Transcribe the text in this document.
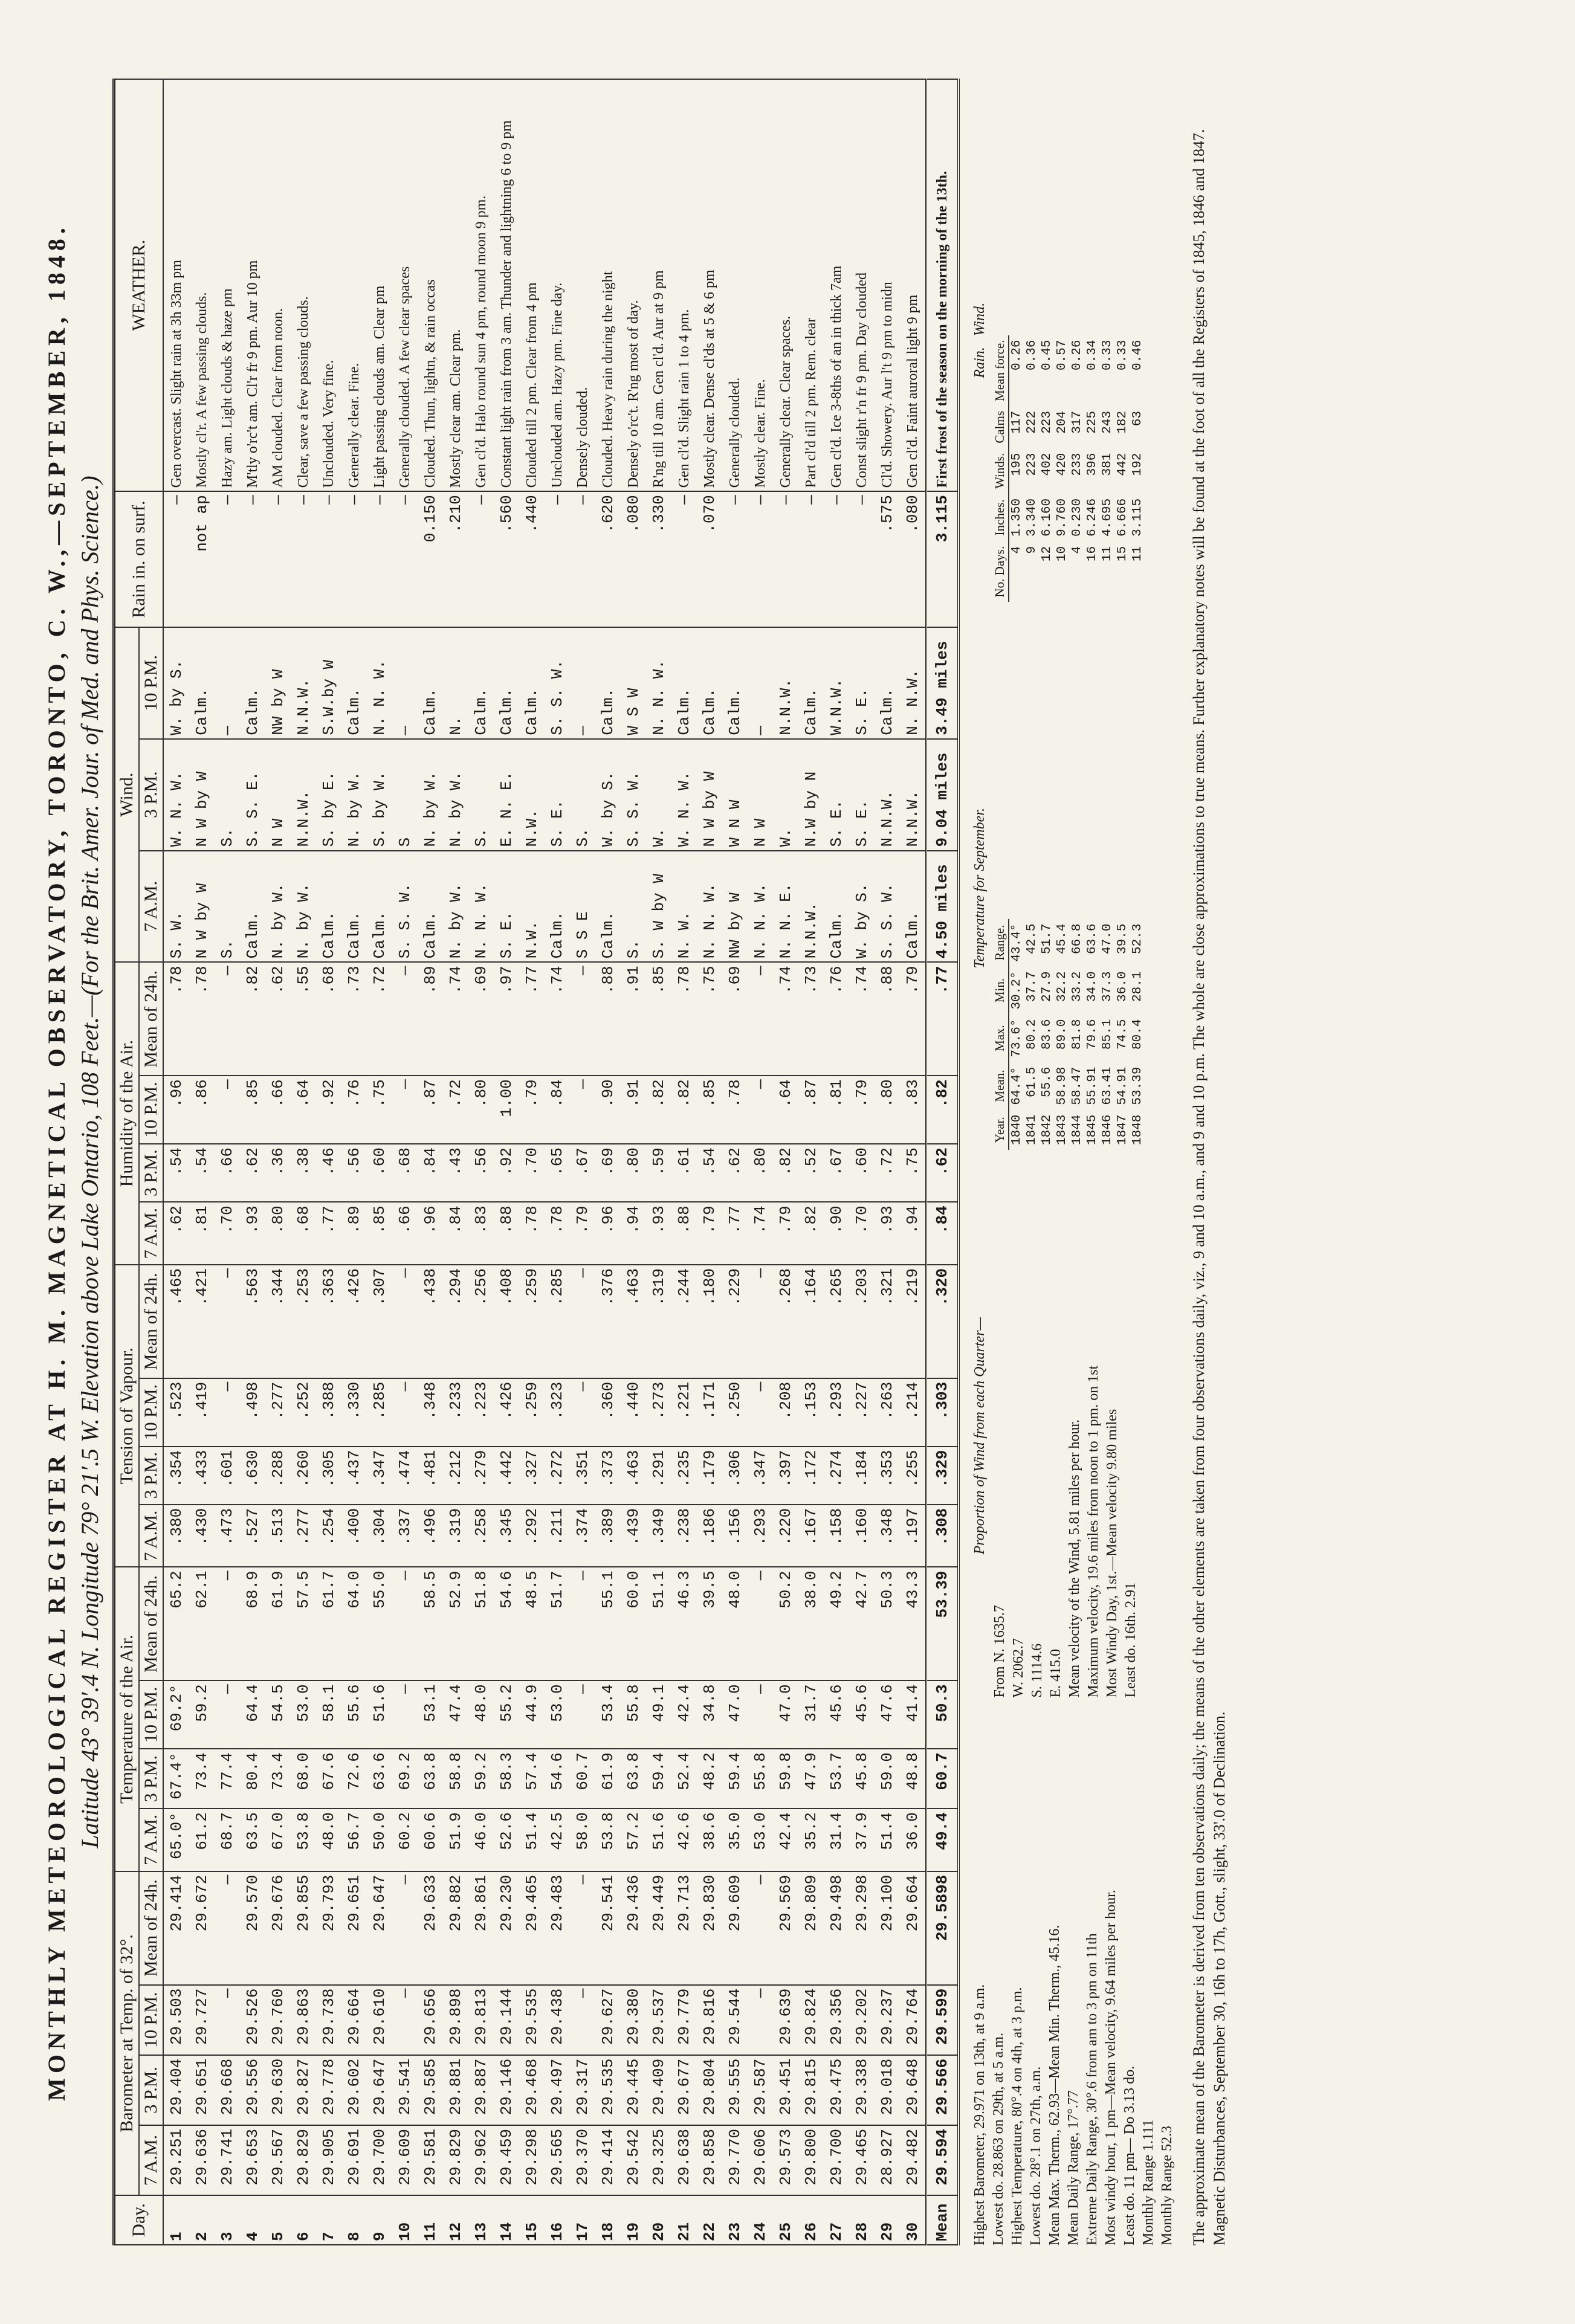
MONTHLY METEOROLOGICAL REGISTER AT H. M. MAGNETICAL OBSERVATORY, TORONTO, C. W.,—SEPTEMBER, 1848. Latitude 43° 39′.4 N. Longitude 79° 21′.5 W. Elevation above Lake Ontario, 108 Feet.—(For the Brit. Amer. Jour. of Med. and Phys. Science.)
Day.	Barometer at Temp. of 32°.				Temperature of the Air.				Tension of Vapour.				Humidity of the Air.				Wind.			Rain in. on surf.	WEATHER.
	7 A.M.	3 P.M.	10 P.M.	Mean of 24h.	7 A.M.	3 P.M.	10 P.M.	Mean of 24h.	7 A.M.	3 P.M.	10 P.M.	Mean of 24h.	7 A.M.	3 P.M.	10 P.M.	Mean of 24h.	7 A.M.	3 P.M.	10 P.M.		
1	29.251	29.404	29.503	29.414	65.0°	67.4°	69.2°	65.2	.380	.354	.523	.465	.62	.54	.96	.78	S. W.	W. N. W.	W. by S.	—	Gen overcast. Slight rain at 3h 33m pm
2	29.636	29.651	29.727	29.672	61.2	73.4	59.2	62.1	.430	.433	.419	.421	.81	.54	.86	.78	N W by W	N W by W	Calm.	not ap	Mostly cl'r. A few passing clouds.
3	29.741	29.668	—	—	68.7	77.4	—	—	.473	.601	—	—	.70	.66	—	—	S.	S.	—	—	Hazy am. Light clouds & haze pm
4	29.653	29.556	29.526	29.570	63.5	80.4	64.4	68.9	.527	.630	.498	.563	.93	.62	.85	.82	Calm.	S. S. E.	Calm.	—	M'tly o'rc't am. Cl'r fr 9 pm. Aur 10 pm
5	29.567	29.630	29.760	29.676	67.0	73.4	54.5	61.9	.513	.288	.277	.344	.80	.36	.66	.62	N. by W.	N W	NW by W	—	AM clouded. Clear from noon.
6	29.829	29.827	29.863	29.855	53.8	68.0	53.0	57.5	.277	.260	.252	.253	.68	.38	.64	.55	N. by W.	N.N.W.	N.N.W.	—	Clear, save a few passing clouds.
7	29.905	29.778	29.738	29.793	48.0	67.6	58.1	61.7	.254	.305	.388	.363	.77	.46	.92	.68	Calm.	S. by E.	S.W.by W	—	Unclouded. Very fine.
8	29.691	29.602	29.664	29.651	56.7	72.6	55.6	64.0	.400	.437	.330	.426	.89	.56	.76	.73	Calm.	N. by W.	Calm.	—	Generally clear. Fine.
9	29.700	29.647	29.610	29.647	50.0	63.6	51.6	55.0	.304	.347	.285	.307	.85	.60	.75	.72	Calm.	S. by W.	N. N. W.	—	Light passing clouds am. Clear pm
10	29.609	29.541	—	—	60.2	69.2	—	—	.337	.474	—	—	.66	.68	—	—	S. S. W.	S	—	—	Generally clouded. A few clear spaces
11	29.581	29.585	29.656	29.633	60.6	63.8	53.1	58.5	.496	.481	.348	.438	.96	.84	.87	.89	Calm.	N. by W.	Calm.	0.150	Clouded. Thun, lightn, & rain occas
12	29.829	29.881	29.898	29.882	51.9	58.8	47.4	52.9	.319	.212	.233	.294	.84	.43	.72	.74	N. by W.	N. by W.	N.	.210	Mostly clear am. Clear pm.
13	29.962	29.887	29.813	29.861	46.0	59.2	48.0	51.8	.258	.279	.223	.256	.83	.56	.80	.69	N. N. W.	S.	Calm.	—	Gen cl'd. Halo round sun 4 pm, round moon 9 pm.
14	29.459	29.146	29.144	29.230	52.6	58.3	55.2	54.6	.345	.442	.426	.408	.88	.92	1.00	.97	S. E.	E. N. E.	Calm.	.560	Constant light rain from 3 am. Thunder and lightning 6 to 9 pm
15	29.298	29.468	29.535	29.465	51.4	57.4	44.9	48.5	.292	.327	.259	.259	.78	.70	.79	.77	N.W.	N.W.	Calm.	.440	Clouded till 2 pm. Clear from 4 pm
16	29.565	29.497	29.438	29.483	42.5	54.6	53.0	51.7	.211	.272	.323	.285	.78	.65	.84	.74	Calm.	S. E.	S. S. W.	—	Unclouded am. Hazy pm. Fine day.
17	29.370	29.317	—	—	58.0	60.7	—	—	.374	.351	—	—	.79	.67	—	—	S S E	S.	—	—	Densely clouded.
18	29.414	29.535	29.627	29.541	53.8	61.9	53.4	55.1	.389	.373	.360	.376	.96	.69	.90	.88	Calm.	W. by S.	Calm.	.620	Clouded. Heavy rain during the night
19	29.542	29.445	29.380	29.436	57.2	63.8	55.8	60.0	.439	.463	.440	.463	.94	.80	.91	.91	S.	S. S. W.	W S W	.080	Densely o'rc't. R'ng most of day.
20	29.325	29.409	29.537	29.449	51.6	59.4	49.1	51.1	.349	.291	.273	.319	.93	.59	.82	.85	S. W by W	W.	N. N. W.	.330	R'ng till 10 am. Gen cl'd. Aur at 9 pm
21	29.638	29.677	29.779	29.713	42.6	52.4	42.4	46.3	.238	.235	.221	.244	.88	.61	.82	.78	N. W.	W. N. W.	Calm.	—	Gen cl'd. Slight rain 1 to 4 pm.
22	29.858	29.804	29.816	29.830	38.6	48.2	34.8	39.5	.186	.179	.171	.180	.79	.54	.85	.75	N. N. W.	N W by W	Calm.	.070	Mostly clear. Dense cl'ds at 5 & 6 pm
23	29.770	29.555	29.544	29.609	35.0	59.4	47.0	48.0	.156	.306	.250	.229	.77	.62	.78	.69	NW by W	W N W	Calm.	—	Generally clouded.
24	29.606	29.587	—	—	53.0	55.8	—	—	.293	.347	—	—	.74	.80	—	—	N. N. W.	N W	—	—	Mostly clear. Fine.
25	29.573	29.451	29.639	29.569	42.4	59.8	47.0	50.2	.220	.397	.208	.268	.79	.82	.64	.74	N. N. E.	W.	N.N.W.	—	Generally clear. Clear spaces.
26	29.800	29.815	29.824	29.809	35.2	47.9	31.7	38.0	.167	.172	.153	.164	.82	.52	.87	.73	N.N.W.	N.W by N	Calm.	—	Part cl'd till 2 pm. Rem. clear
27	29.700	29.475	29.356	29.498	31.4	53.7	45.6	49.2	.158	.274	.293	.265	.90	.67	.81	.76	Calm.	S. E.	W.N.W.	—	Gen cl'd. Ice 3-8ths of an in thick 7am
28	29.465	29.338	29.202	29.298	37.9	45.8	45.6	42.7	.160	.184	.227	.203	.70	.60	.79	.74	W. by S.	S. E.	S. E.	—	Const slight r'n fr 9 pm. Day clouded
29	28.927	29.018	29.237	29.100	51.4	59.0	47.6	50.3	.348	.353	.263	.321	.93	.72	.80	.88	S. S. W.	N.N.W.	Calm.	.575	Cl'd. Showery. Aur l't 9 pm to midn
30	29.482	29.648	29.764	29.664	36.0	48.8	41.4	43.3	.197	.255	.214	.219	.94	.75	.83	.79	Calm.	N.N.W.	N. N.W.	.080	Gen cl'd. Faint auroral light 9 pm
Mean	29.594	29.566	29.599	29.5898	49.4	60.7	50.3	53.39	.308	.329	.303	.320	.84	.62	.82	.77	4.50 miles	9.04 miles	3.49 miles	3.115	First frost of the season on the morning of the 13th.
Highest Barometer, 29.971 on 13th, at 9 a.m. Lowest do. 28.863 on 29th, at 5 a.m. Highest Temperature, 80°.4 on 4th, at 3 p.m. Lowest do. 28°.1 on 27th, a.m. Mean Max. Therm., 62.93—Mean Min. Therm., 45.16. Mean Daily Range, 17°.77 Extreme Daily Range, 30°.6 from am to 3 pm on 11th Most windy hour, 1 pm—Mean velocity, 9.64 miles per hour. Least do. 11 pm— Do 3.13 do. Monthly Range 1.111 Monthly Range 52.3
Proportion of Wind from each Quarter—
From N. 1635.7 W. 2062.7 S. 1114.6 E. 415.0 Mean velocity of the Wind, 5.81 miles per hour. Maximum velocity, 19.6 miles from noon to 1 pm. on 1st Most Windy Day, 1st.—Mean velocity 9.80 miles Least do. 16th. 2.91
Temperature for September.
Year.	Mean.	Max.	Min.	Range.
1840	64.4°	73.6°	30.2°	43.4°
1841	61.5	80.2	37.7	42.5
1842	55.6	83.6	27.9	51.7
1843	58.98	89.0	32.2	45.4
1844	58.47	81.8	33.2	66.8
1845	55.91	79.6	34.0	63.6
1846	63.41	85.1	37.3	47.0
1847	54.91	74.5	36.0	39.5
1848	53.39	80.4	28.1	52.3
Rain.   Wind.
No. Days.	Inches.	Winds.	Calms	Mean force.
4	1.350	195	117	0.26
9	3.340	223	222	0.36
12	6.160	402	223	0.45
10	9.760	420	204	0.57
4	0.230	233	317	0.26
16	6.246	396	225	0.34
11	4.695	381	243	0.33
15	6.666	442	182	0.33
11	3.115	192	63	0.46	The approximate mean of the Barometer is derived from ten observations daily; the means of the other elements are taken from four observations daily, viz., 9 and 10 a.m., and 9 and 10 p.m. The whole are close approximations to true means. Further explanatory notes will be found at the foot of all the Registers of 1845, 1846 and 1847. Magnetic Disturbances, September 30, 16h to 17h, Gott., slight, 33'.0 of Declination.
